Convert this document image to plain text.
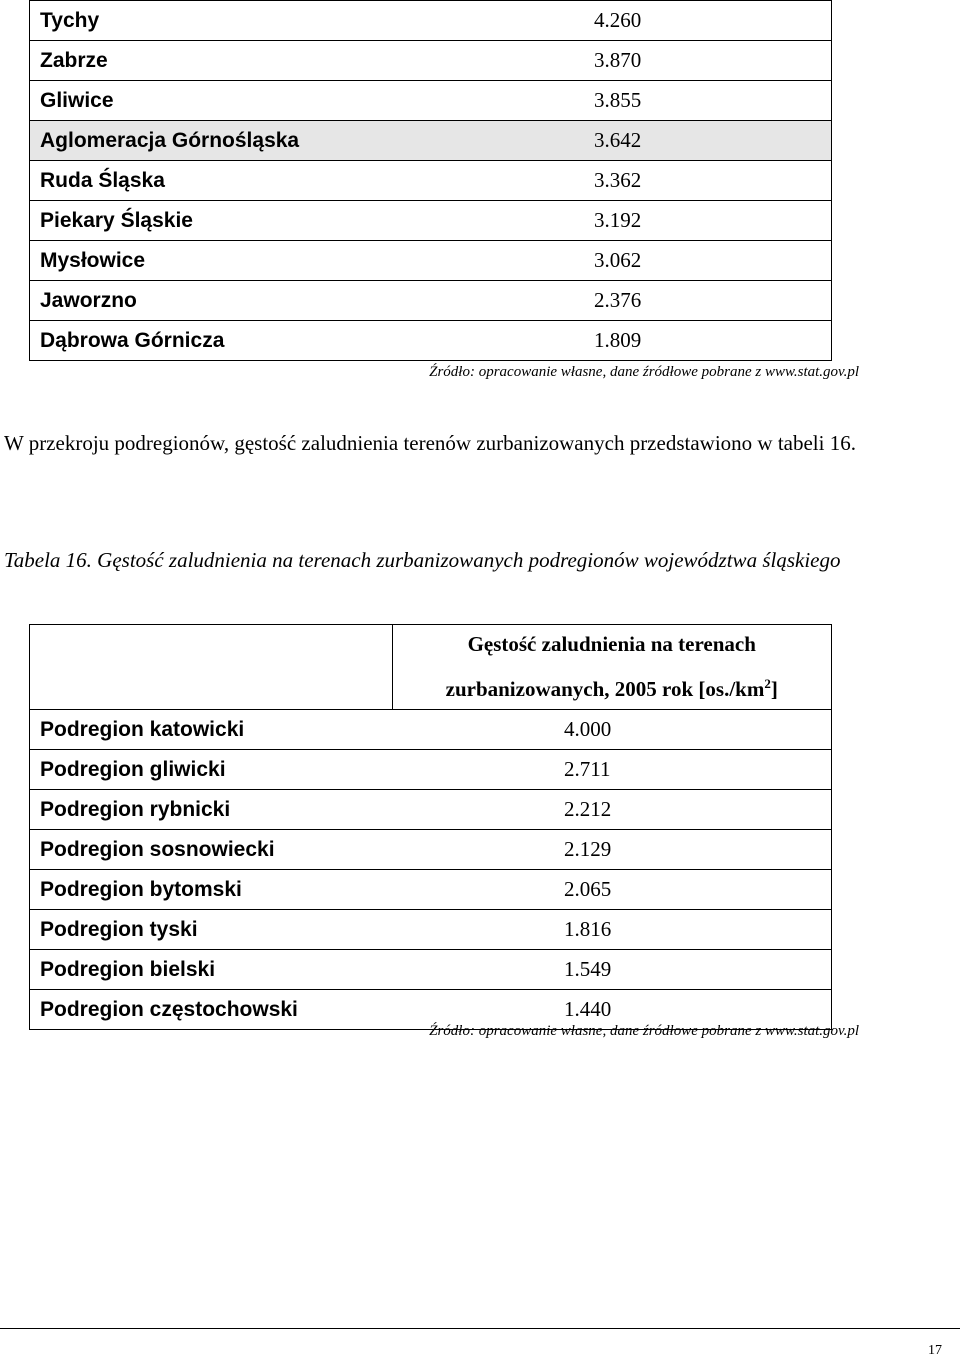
Tychy	4.260
Zabrze	3.870
Gliwice	3.855
Aglomeracja Górnośląska	3.642
Ruda Śląska	3.362
Piekary Śląskie	3.192
Mysłowice	3.062
Jaworzno	2.376
Dąbrowa Górnicza	1.809
Źródło: opracowanie własne, dane źródłowe pobrane z www.stat.gov.pl
W przekroju podregionów, gęstość zaludnienia terenów zurbanizowanych przedstawiono w tabeli 16.
Tabela 16. Gęstość zaludnienia na terenach zurbanizowanych podregionów województwa śląskiego
	Gęstość zaludnienia na terenach
zurbanizowanych, 2005 rok $[os./km^2]$
Podregion katowicki	4.000
Podregion gliwicki	2.711
Podregion rybnicki	2.212
Podregion sosnowiecki	2.129
Podregion bytomski	2.065
Podregion tyski	1.816
Podregion bielski	1.549
Podregion częstochowski	1.440
Źródło: opracowanie własne, dane źródłowe pobrane z www.stat.gov.pl
17
